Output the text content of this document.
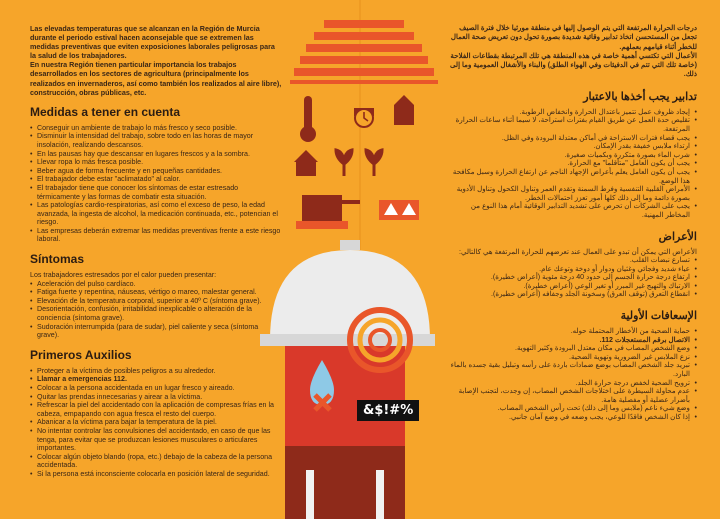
Las elevadas temperaturas que se alcanzan en la Región de Murcia durante el periodo estival hacen aconsejable que se extremen las medidas preventivas que eviten exposiciones laborales peligrosas para la salud de los trabajadores.

En nuestra Región tienen particular importancia los trabajos desarrollados en los sectores de agricultura (principalmente los realizados en invernaderos, así como también los realizados al aire libre), construcción, obras públicas, etc.

Medidas a tener en cuenta
• Conseguir un ambiente de trabajo lo más fresco y seco posible.
• Disminuir la intensidad del trabajo, sobre todo en las horas de mayor insolación, realizando descansos.
• En las pausas hay que descansar en lugares frescos y a la sombra.
• Llevar ropa lo más fresca posible.
• Beber agua de forma frecuente y en pequeñas cantidades.
• El trabajador debe estar "aclimatado" al calor.
• El trabajador tiene que conocer los síntomas de estar estresado térmicamente y las formas de combatir esta situación.
• Las patologías cardio-respiratorias, así como el exceso de peso, la edad avanzada, la ingesta de alcohol, la medicación continuada, etc., potencian el riesgo.
• Las empresas deberán extremar las medidas preventivas frente a este riesgo laboral.
Síntomas

Los trabajadores estresados por el calor pueden presentar:

• Aceleración del pulso cardíaco.
• Fatiga fuerte y repentina, náuseas, vértigo o mareo, malestar general.
• Elevación de la temperatura corporal, superior a 40º C (síntoma grave).
• Desorientación, confusión, irritabilidad inexplicable o alteración de la conciencia (síntoma grave).
• Sudoración interrumpida (para de sudar), piel caliente y seca (síntoma grave).
Primeros Auxilios
• Proteger a la víctima de posibles peligros a su alrededor.
• Llamar a emergencias 112.
• Colocar a la persona accidentada en un lugar fresco y aireado.
• Quitar las prendas innecesarias y airear a la víctima.
• Refrescar la piel del accidentado con la aplicación de compresas frías en la cabeza, empapando con agua fresca el resto del cuerpo.
• Abanicar a la víctima para bajar la temperatura de la piel.
• No intentar controlar las convulsiones del accidentado, en caso de que las tenga, para evitar que se produzcan lesiones musculares o articulares importantes.
• Colocar algún objeto blando (ropa, etc.) debajo de la cabeza de la persona accidentada.
• Si la persona está inconsciente colocarla en posición lateral de seguridad.
&$!#%

درجات الحرارة المرتفعة التي يتم الوصول إليها في منطقة مورثيا خلال فترة الصيف تجعل من المستحسن اتخاذ تدابير وقائية شديدة بصورة تحول دون تعريض صحة العمال للخطر أثناء قيامهم بعملهم.

الأعمال التي تكتسي أهمية خاصة في هذه المنطقة هي تلك المرتبطة بقطاعات الفلاحة (خاصة تلك التي تتم في الدفيئات وفي الهواء الطلق) والبناء والأشغال العمومية وما إلى ذلك.

تدابير يجب أخذها بالاعتبار
• إيجاد ظروف عمل تتميز باعتدال الحرارة وانخفاض الرطوبة.
• تقليص حدة العمل عن طريق القيام بفترات استراحة، لا سيما أثناء ساعات الحرارة المرتفعة.
• يجب قضاء فترات الاستراحة في أماكن معتدلة البرودة وفي الظل.
• ارتداء ملابس خفيفة بقدر الإمكان.
• شرب الماء بصورة متكررة وبكميات صغيرة.
• يجب أن يكون العامل "متأقلما" مع الحرارة.
• يجب أن يكون العامل يعلم بأعراض الإجهاد الناجم عن ارتفاع الحرارة وسبل مكافحة هذا الوضع.
• الأمراض القلبية التنفسية وفرط السمنة وتقدم العمر وتناول الكحول وتناول الأدوية بصورة دائمة وما إلى ذلك كلها أمور تعزز احتمالات الخطر.
• يجب على الشركات أن تحرص على تشديد التدابير الوقائية أمام هذا النوع من المخاطر المهنية.
الأعراض

الأعراض التي يمكن أن تبدو على العمال عند تعرضهم للحرارة المرتفعة هي كالتالي:

• تسارع نبضات القلب.
• عياء شديد وفجائي وغثيان ودوار أو دوخة وتوعك عام.
• ارتفاع درجة حرارة الجسم إلى حدود 40 درجة مئوية (أعراض خطيرة).
• الارتباك والتهيج غير المبرر أو تغير الوعي (أعراض خطيرة).
• انقطاع التعرق (توقف العرق) وسخونة الجلد وجفافه (أعراض خطيرة).
الإسعافات الأولية
• حماية الضحية من الأخطار المحتملة حوله.
• الاتصال برقم المستعجلات 112.
• وضع الشخص المصاب في مكان معتدل البرودة وكثير التهوية.
• نزع الملابس غير الضرورية وتهوية الضحية.
• تبريد جلد الشخص المصاب بوضع ضمادات باردة على رأسه وتبليل بقية جسده بالماء البارد.
• ترويح الضحية لخفض درجة حرارة الجلد.
• عدم محاولة السيطرة على اختلاجات الشخص المصاب، إن وجدت، لتجنب الإصابة بأضرار عضلية أو مفصلية هامة.
• وضع شيء ناعم (ملابس وما إلى ذلك) تحت رأس الشخص المصاب.
• إذا كان الشخص فاقدًا للوعي، يجب وضعه في وضع آمان جانبي.
